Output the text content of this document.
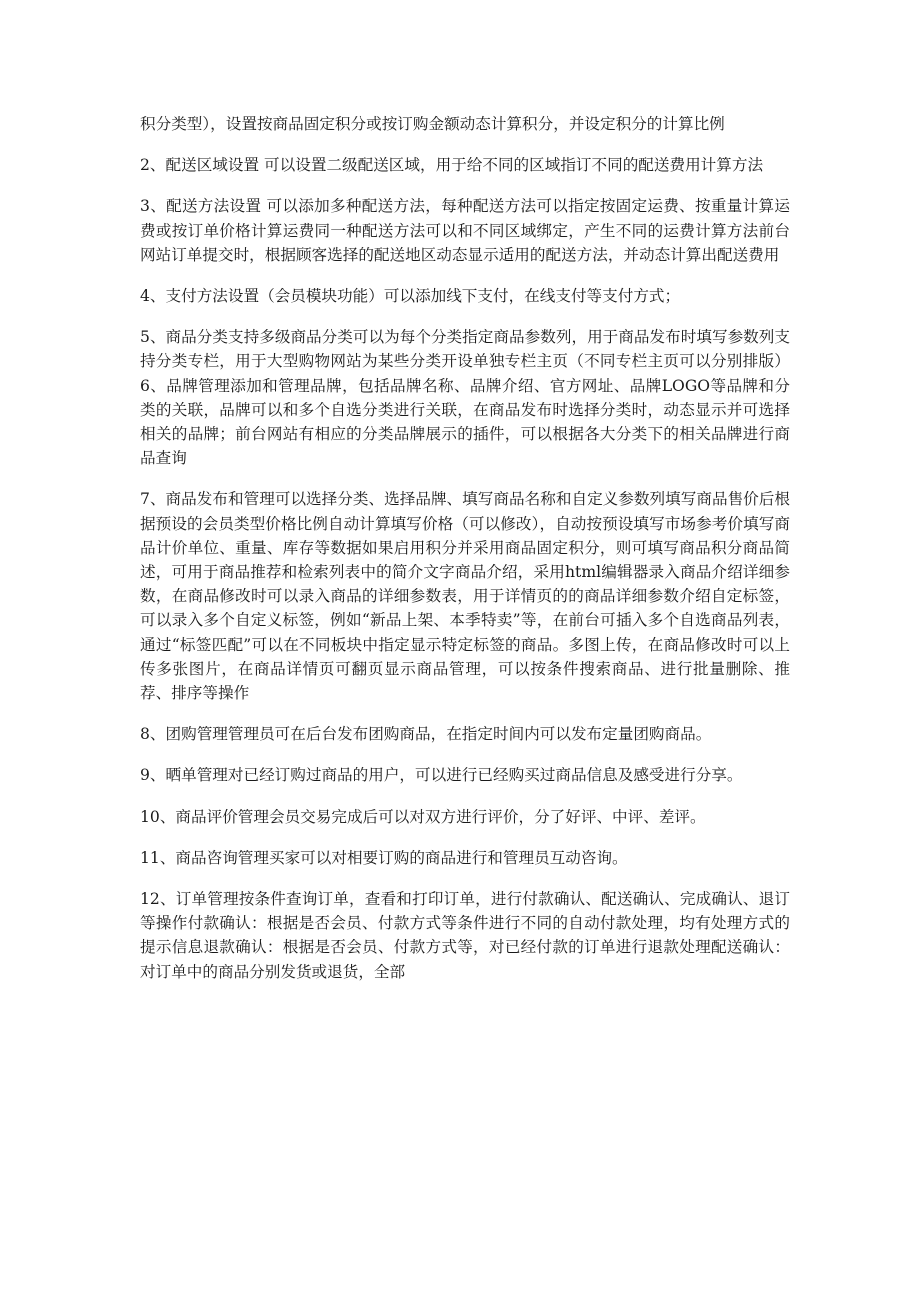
积分类型），设置按商品固定积分或按订购金额动态计算积分，并设定积分的计算比例

2、配送区域设置 可以设置二级配送区域，用于给不同的区域指订不同的配送费用计算方法

3、配送方法设置 可以添加多种配送方法，每种配送方法可以指定按固定运费、按重量计算运费或按订单价格计算运费同一种配送方法可以和不同区域绑定，产生不同的运费计算方法前台网站订单提交时，根据顾客选择的配送地区动态显示适用的配送方法，并动态计算出配送费用

4、支付方法设置（会员模块功能）可以添加线下支付，在线支付等支付方式；

5、商品分类支持多级商品分类可以为每个分类指定商品参数列，用于商品发布时填写参数列支持分类专栏，用于大型购物网站为某些分类开设单独专栏主页（不同专栏主页可以分别排版） 6、品牌管理添加和管理品牌，包括品牌名称、品牌介绍、官方网址、品牌LOGO等品牌和分类的关联，品牌可以和多个自选分类进行关联，在商品发布时选择分类时，动态显示并可选择相关的品牌；前台网站有相应的分类品牌展示的插件，可以根据各大分类下的相关品牌进行商品查询

7、商品发布和管理可以选择分类、选择品牌、填写商品名称和自定义参数列填写商品售价后根据预设的会员类型价格比例自动计算填写价格（可以修改），自动按预设填写市场参考价填写商品计价单位、重量、库存等数据如果启用积分并采用商品固定积分，则可填写商品积分商品简述，可用于商品推荐和检索列表中的简介文字商品介绍，采用html编辑器录入商品介绍详细参数，在商品修改时可以录入商品的详细参数表，用于详情页的的商品详细参数介绍自定标签，可以录入多个自定义标签，例如“新品上架、本季特卖”等，在前台可插入多个自选商品列表，通过“标签匹配”可以在不同板块中指定显示特定标签的商品。多图上传，在商品修改时可以上传多张图片，在商品详情页可翻页显示商品管理，可以按条件搜索商品、进行批量删除、推荐、排序等操作

8、团购管理管理员可在后台发布团购商品，在指定时间内可以发布定量团购商品。

9、晒单管理对已经订购过商品的用户，可以进行已经购买过商品信息及感受进行分享。

10、商品评价管理会员交易完成后可以对双方进行评价，分了好评、中评、差评。

11、商品咨询管理买家可以对相要订购的商品进行和管理员互动咨询。

12、订单管理按条件查询订单，查看和打印订单，进行付款确认、配送确认、完成确认、退订等操作付款确认：根据是否会员、付款方式等条件进行不同的自动付款处理，均有处理方式的提示信息退款确认：根据是否会员、付款方式等，对已经付款的订单进行退款处理配送确认：对订单中的商品分别发货或退货，全部
